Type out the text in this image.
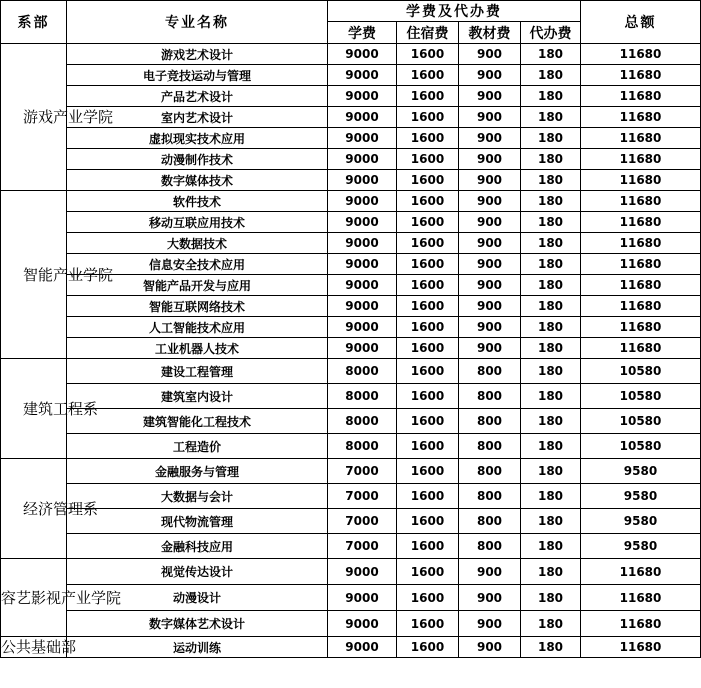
系部	专业名称	学费及代办费				总额
		学费	住宿费	教材费	代办费	
游戏产业学院	游戏艺术设计	9000	1600	900	180	11680
	电子竞技运动与管理	9000	1600	900	180	11680
	产品艺术设计	9000	1600	900	180	11680
	室内艺术设计	9000	1600	900	180	11680
	虚拟现实技术应用	9000	1600	900	180	11680
	动漫制作技术	9000	1600	900	180	11680
	数字媒体技术	9000	1600	900	180	11680
智能产业学院	软件技术	9000	1600	900	180	11680
	移动互联应用技术	9000	1600	900	180	11680
	大数据技术	9000	1600	900	180	11680
	信息安全技术应用	9000	1600	900	180	11680
	智能产品开发与应用	9000	1600	900	180	11680
	智能互联网络技术	9000	1600	900	180	11680
	人工智能技术应用	9000	1600	900	180	11680
	工业机器人技术	9000	1600	900	180	11680
建筑工程系	建设工程管理	8000	1600	800	180	10580
	建筑室内设计	8000	1600	800	180	10580
	建筑智能化工程技术	8000	1600	800	180	10580
	工程造价	8000	1600	800	180	10580
经济管理系	金融服务与管理	7000	1600	800	180	9580
	大数据与会计	7000	1600	800	180	9580
	现代物流管理	7000	1600	800	180	9580
	金融科技应用	7000	1600	800	180	9580
容艺影视产业学院	视觉传达设计	9000	1600	900	180	11680
	动漫设计	9000	1600	900	180	11680
	数字媒体艺术设计	9000	1600	900	180	11680
公共基础部	运动训练	9000	1600	900	180	11680
